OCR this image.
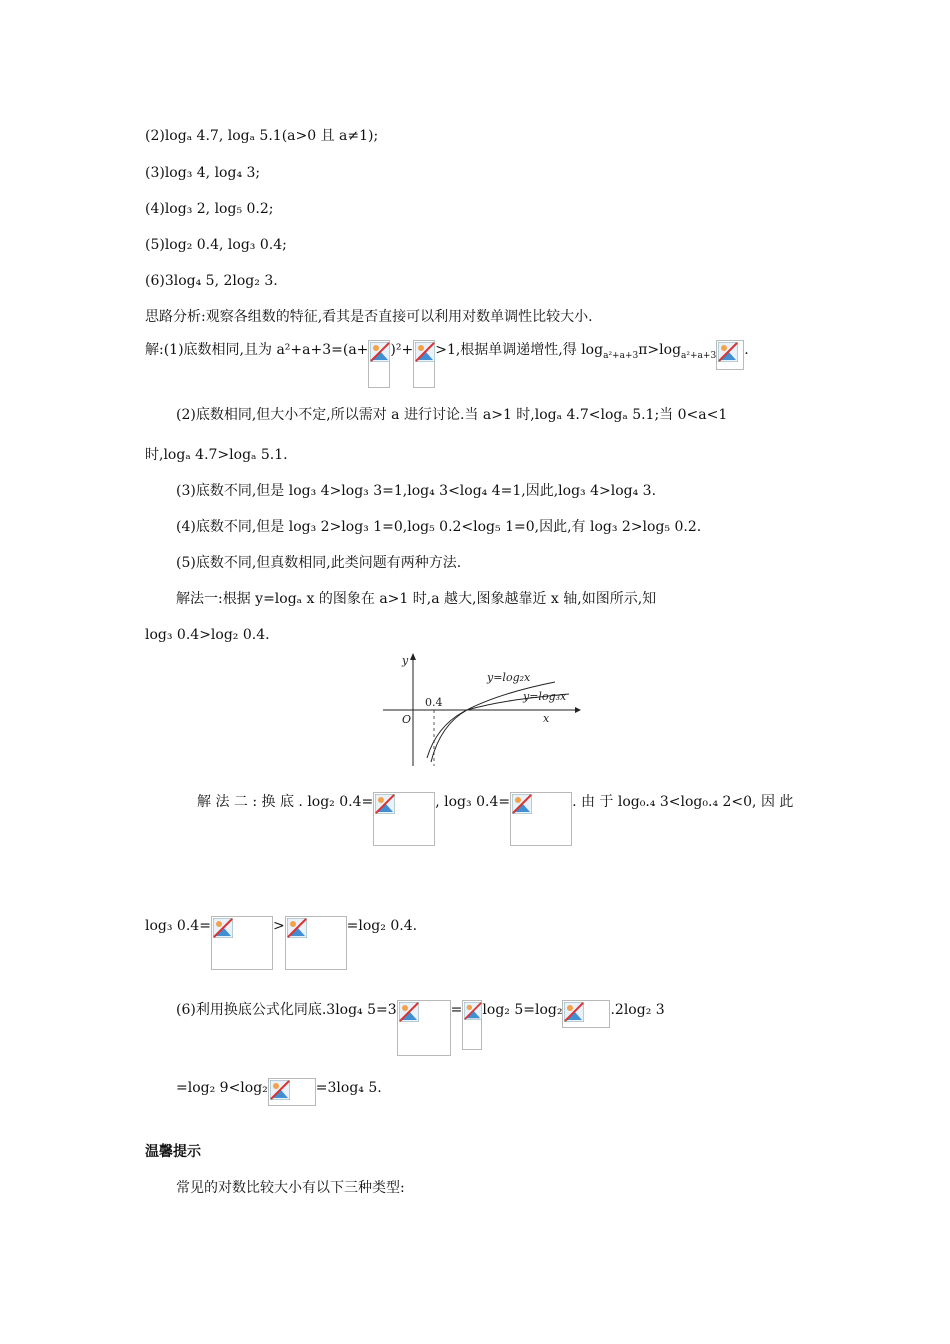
(2)logₐ 4.7, logₐ 5.1(a>0 且 a≠1);
(3)log₃ 4, log₄ 3;
(4)log₃ 2, log₅ 0.2;
(5)log₂ 0.4, log₃ 0.4;
(6)3log₄ 5, 2log₂ 3.
思路分析:观察各组数的特征,看其是否直接可以利用对数单调性比较大小.
解:(1)底数相同,且为 a²+a+3=(a+ )²+ >1,根据单调递增性,得 $\log_{a^2+a+3}\pi>\log_{a^2+a+3}$ .
(2)底数相同,但大小不定,所以需对 a 进行讨论.当 a>1 时,logₐ 4.7<logₐ 5.1;当 0<a<1
时,logₐ 4.7>logₐ 5.1.
(3)底数不同,但是 log₃ 4>log₃ 3=1,log₄ 3<log₄ 4=1,因此,log₃ 4>log₄ 3.
(4)底数不同,但是 log₃ 2>log₃ 1=0,log₅ 0.2<log₅ 1=0,因此,有 log₃ 2>log₅ 0.2.
(5)底数不同,但真数相同,此类问题有两种方法.
解法一:根据 y=logₐ x 的图象在 a>1 时,a 越大,图象越靠近 x 轴,如图所示,知
log₃ 0.4>log₂ 0.4.
y
x
O
0.4
y=log₂x
y=log₃x
解 法 二 : 换 底 . log₂ 0.4=	, log₃ 0.4=	. 由 于 log₀.₄ 3<log₀.₄ 2<0, 因 此
log₃ 0.4=	>	=log₂ 0.4.
(6)利用换底公式化同底.3log₄ 5=3	= log₂ 5=log₂	.2log₂ 3
=log₂ 9<log₂	=3log₄ 5.
温馨提示
常见的对数比较大小有以下三种类型:
